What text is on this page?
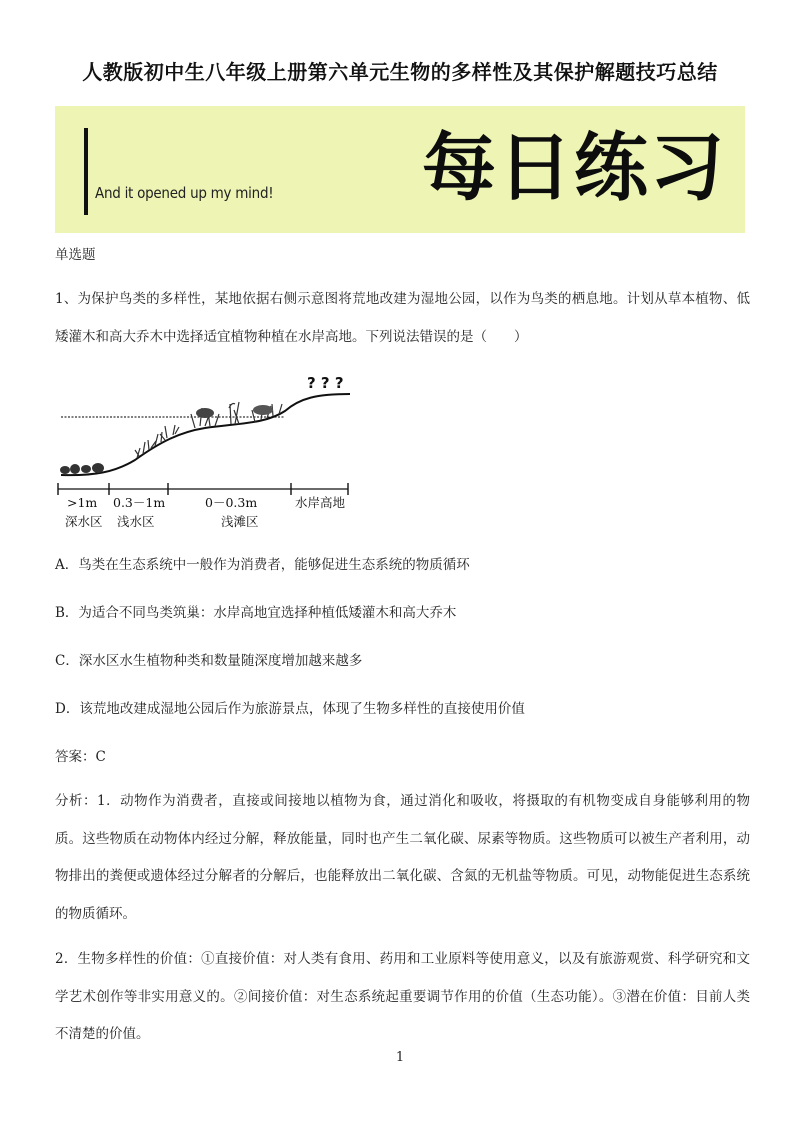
人教版初中生八年级上册第六单元生物的多样性及其保护解题技巧总结
And it opened up my mind! 每日练习
单选题
1、为保护鸟类的多样性，某地依据右侧示意图将荒地改建为湿地公园，以作为鸟类的栖息地。计划从草本植物、低矮灌木和高大乔木中选择适宜植物种植在水岸高地。下列说法错误的是（　　）
? ? ?
>1m 0.3－1m	0－0.3m	水岸高地
深水区 浅水区	浅滩区
A．鸟类在生态系统中一般作为消费者，能够促进生态系统的物质循环
B．为适合不同鸟类筑巢：水岸高地宜选择种植低矮灌木和高大乔木
C．深水区水生植物种类和数量随深度增加越来越多
D．该荒地改建成湿地公园后作为旅游景点，体现了生物多样性的直接使用价值
答案：C
分析：1．动物作为消费者，直接或间接地以植物为食，通过消化和吸收，将摄取的有机物变成自身能够利用的物质。这些物质在动物体内经过分解，释放能量，同时也产生二氧化碳、尿素等物质。这些物质可以被生产者利用，动物排出的粪便或遗体经过分解者的分解后，也能释放出二氧化碳、含氮的无机盐等物质。可见，动物能促进生态系统的物质循环。
2．生物多样性的价值：①直接价值：对人类有食用、药用和工业原料等使用意义，以及有旅游观赏、科学研究和文学艺术创作等非实用意义的。②间接价值：对生态系统起重要调节作用的价值（生态功能）。③潜在价值：目前人类不清楚的价值。
1
